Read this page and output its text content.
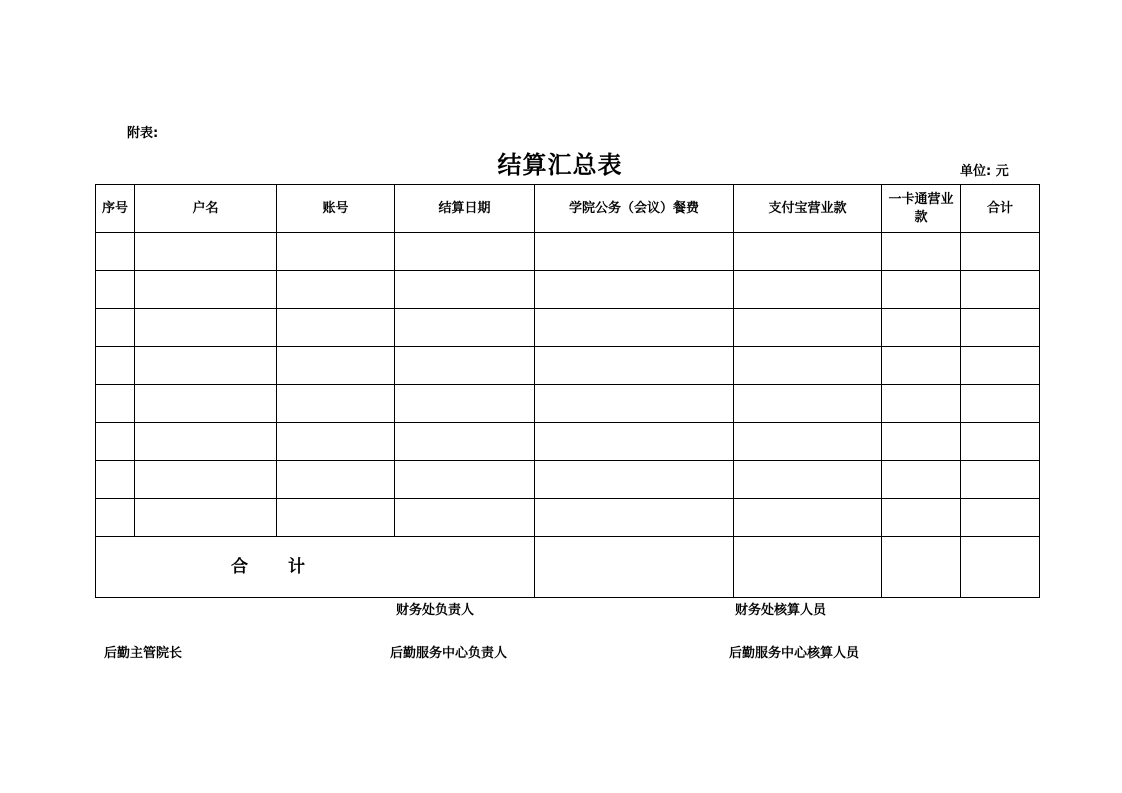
附表:
结算汇总表	单位: 元
序号	户名	账号	结算日期	学院公务（会议）餐费	支付宝营业款	一卡通营业款	合计

合 计							
财务处负责人	财务处核算人员
后勤主管院长	后勤服务中心负责人	后勤服务中心核算人员
